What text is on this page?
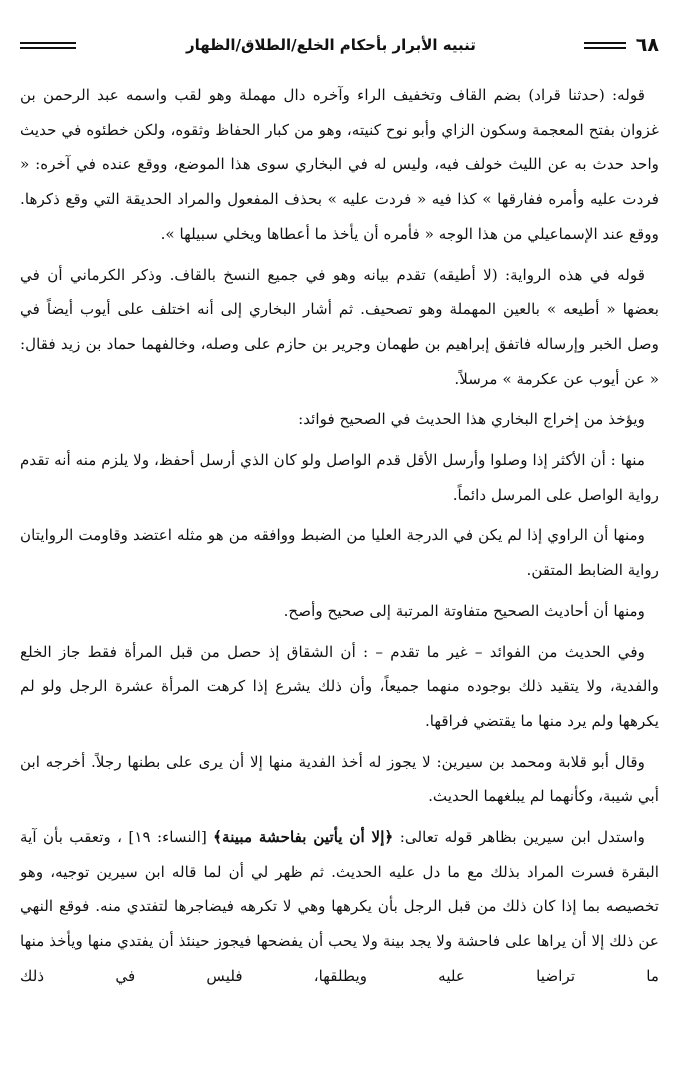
٦٨
تنبيه الأبرار بأحكام الخلع/الطلاق/الظهار

قوله: (حدثنا قراد) بضم القاف وتخفيف الراء وآخره دال مهملة وهو لقب واسمه عبد الرحمن بن غزوان بفتح المعجمة وسكون الزاي وأبو نوح كنيته، وهو من كبار الحفاظ وثقوه، ولكن خطئوه في حديث واحد حدث به عن الليث خولف فيه، وليس له في البخاري سوى هذا الموضع، ووقع عنده في آخره: « فردت عليه وأمره ففارقها » كذا فيه « فردت عليه » بحذف المفعول والمراد الحديقة التي وقع ذكرها. ووقع عند الإسماعيلي من هذا الوجه « فأمره أن يأخذ ما أعطاها ويخلي سبيلها ».

قوله في هذه الرواية: (لا أطيقه) تقدم بيانه وهو في جميع النسخ بالقاف. وذكر الكرماني أن في بعضها « أطيعه » بالعين المهملة وهو تصحيف. ثم أشار البخاري إلى أنه اختلف على أيوب أيضاً في وصل الخبر وإرساله فاتفق إبراهيم بن طهمان وجرير بن حازم على وصله، وخالفهما حماد بن زيد فقال: « عن أيوب عن عكرمة » مرسلاً.

ويؤخذ من إخراج البخاري هذا الحديث في الصحيح فوائد:

منها : أن الأكثر إذا وصلوا وأرسل الأقل قدم الواصل ولو كان الذي أرسل أحفظ، ولا يلزم منه أنه تقدم رواية الواصل على المرسل دائماً.

ومنها أن الراوي إذا لم يكن في الدرجة العليا من الضبط ووافقه من هو مثله اعتضد وقاومت الروايتان رواية الضابط المتقن.

ومنها أن أحاديث الصحيح متفاوتة المرتبة إلى صحيح وأصح.

وفي الحديث من الفوائد – غير ما تقدم – : أن الشقاق إذ حصل من قبل المرأة فقط جاز الخلع والفدية، ولا يتقيد ذلك بوجوده منهما جميعاً، وأن ذلك يشرع إذا كرهت المرأة عشرة الرجل ولو لم يكرهها ولم يرد منها ما يقتضي فراقها.

وقال أبو قلابة ومحمد بن سيرين: لا يجوز له أخذ الفدية منها إلا أن يرى على بطنها رجلاً. أخرجه ابن أبي شيبة، وكأنهما لم يبلغهما الحديث.

واستدل ابن سيرين بظاهر قوله تعالى: ﴿إلا أن يأتين بفاحشة مبينة﴾ [النساء: ١٩] ، وتعقب بأن آية البقرة فسرت المراد بذلك مع ما دل عليه الحديث. ثم ظهر لي أن لما قاله ابن سيرين توجيه، وهو تخصيصه بما إذا كان ذلك من قبل الرجل بأن يكرهها وهي لا تكرهه فيضاجرها لتفتدي منه. فوقع النهي عن ذلك إلا أن يراها على فاحشة ولا يجد بينة ولا يحب أن يفضحها فيجوز حينئذ أن يفتدي منها ويأخذ منها ما تراضيا عليه ويطلقها، فليس في ذلك
